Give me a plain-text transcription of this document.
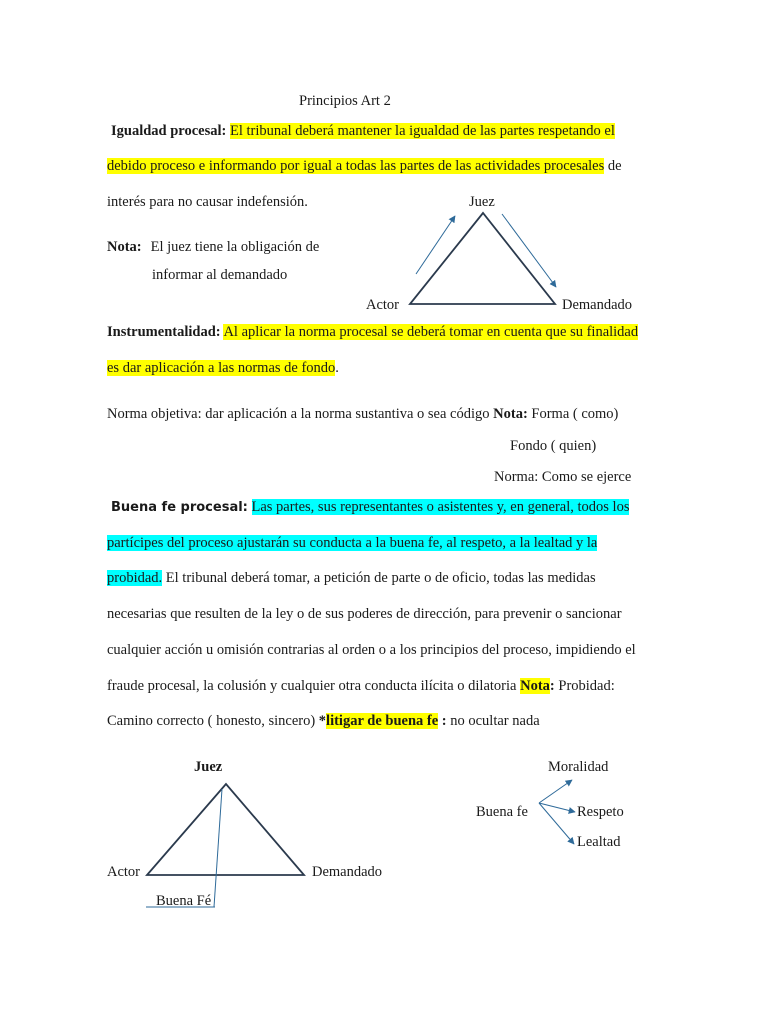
Principios Art 2
Igualdad procesal: El tribunal deberá mantener la igualdad de las partes respetando el
debido proceso e informando por igual a todas las partes de las actividades procesales de
interés para no causar indefensión.
Nota: El juez tiene la obligación de
informar al demandado
Juez
Actor	Demandado
Instrumentalidad: Al aplicar la norma procesal se deberá tomar en cuenta que su finalidad
es dar aplicación a las normas de fondo.
Norma objetiva: dar aplicación a la norma sustantiva o sea código Nota: Forma ( como)
Fondo ( quien)
Norma: Como se ejerce
Buena fe procesal: Las partes, sus representantes o asistentes y, en general, todos los
partícipes del proceso ajustarán su conducta a la buena fe, al respeto, a la lealtad y la
probidad. El tribunal deberá tomar, a petición de parte o de oficio, todas las medidas
necesarias que resulten de la ley o de sus poderes de dirección, para prevenir o sancionar
cualquier acción u omisión contrarias al orden o a los principios del proceso, impidiendo el
fraude procesal, la colusión y cualquier otra conducta ilícita o dilatoria Nota: Probidad:
Camino correcto ( honesto, sincero) *litigar de buena fe : no ocultar nada
Juez
Actor	Demandado
Buena Fé
Moralidad
Buena fe	Respeto
Lealtad
